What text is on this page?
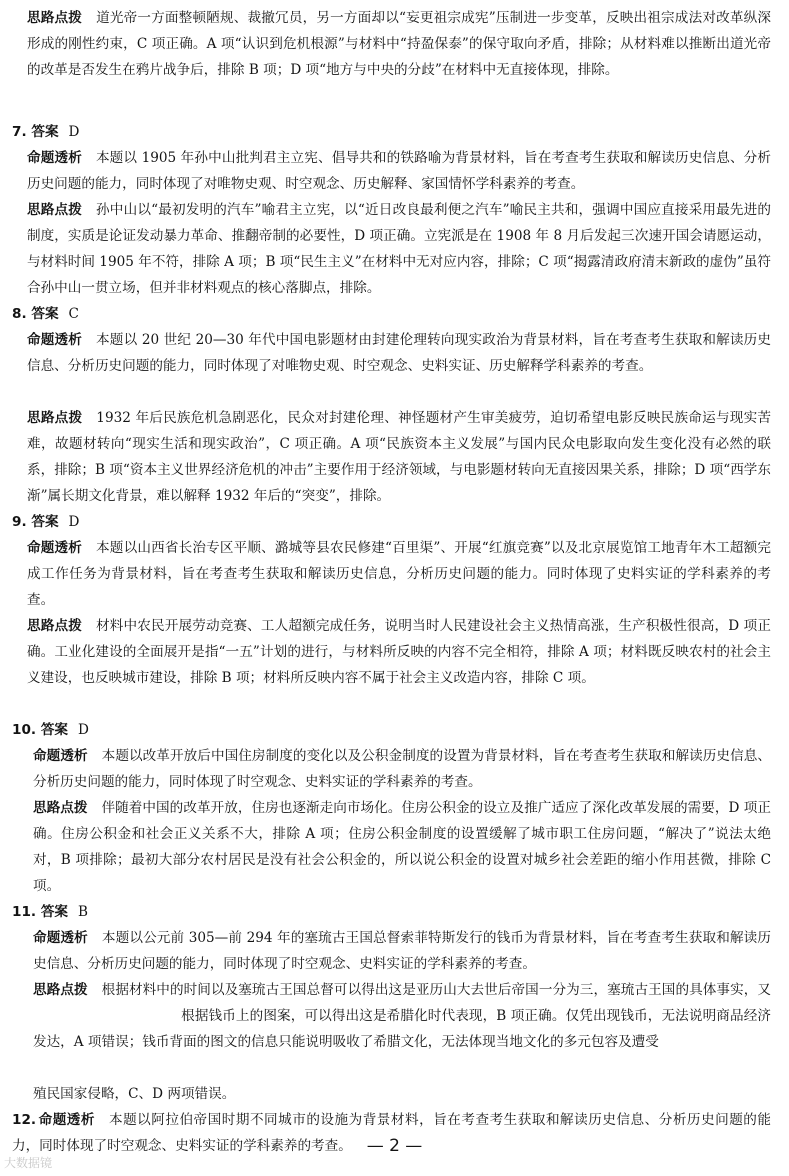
思路点拨 道光帝一方面整顿陋规、裁撤冗员，另一方面却以“妄更祖宗成宪”压制进一步变革，反映出祖宗成法对改革纵深形成的刚性约束，C 项正确。A 项“认识到危机根源”与材料中“持盈保泰”的保守取向矛盾，排除；从材料难以推断出道光帝的改革是否发生在鸦片战争后，排除 B 项；D 项“地方与中央的分歧”在材料中无直接体现，排除。
7. 答案 D
命题透析 本题以 1905 年孙中山批判君主立宪、倡导共和的铁路喻为背景材料，旨在考查考生获取和解读历史信息、分析历史问题的能力，同时体现了对唯物史观、时空观念、历史解释、家国情怀学科素养的考查。
思路点拨 孙中山以“最初发明的汽车”喻君主立宪，以“近日改良最利便之汽车”喻民主共和，强调中国应直接采用最先进的制度，实质是论证发动暴力革命、推翻帝制的必要性，D 项正确。立宪派是在 1908 年 8 月后发起三次速开国会请愿运动，与材料时间 1905 年不符，排除 A 项；B 项“民生主义”在材料中无对应内容，排除；C 项“揭露清政府清末新政的虚伪”虽符合孙中山一贯立场，但并非材料观点的核心落脚点，排除。
8. 答案 C
命题透析 本题以 20 世纪 20—30 年代中国电影题材由封建伦理转向现实政治为背景材料，旨在考查考生获取和解读历史信息、分析历史问题的能力，同时体现了对唯物史观、时空观念、史料实证、历史解释学科素养的考查。
思路点拨 1932 年后民族危机急剧恶化，民众对封建伦理、神怪题材产生审美疲劳，迫切希望电影反映民族命运与现实苦难，故题材转向“现实生活和现实政治”，C 项正确。A 项“民族资本主义发展”与国内民众电影取向发生变化没有必然的联系，排除；B 项“资本主义世界经济危机的冲击”主要作用于经济领域，与电影题材转向无直接因果关系，排除；D 项“西学东渐”属长期文化背景，难以解释 1932 年后的“突变”，排除。
9. 答案 D
命题透析 本题以山西省长治专区平顺、潞城等县农民修建“百里渠”、开展“红旗竞赛”以及北京展览馆工地青年木工超额完成工作任务为背景材料，旨在考查考生获取和解读历史信息，分析历史问题的能力。同时体现了史料实证的学科素养的考查。
思路点拨 材料中农民开展劳动竞赛、工人超额完成任务，说明当时人民建设社会主义热情高涨，生产积极性很高，D 项正确。工业化建设的全面展开是指“一五”计划的进行，与材料所反映的内容不完全相符，排除 A 项；材料既反映农村的社会主义建设，也反映城市建设，排除 B 项；材料所反映内容不属于社会主义改造内容，排除 C 项。
10. 答案 D
命题透析 本题以改革开放后中国住房制度的变化以及公积金制度的设置为背景材料，旨在考查考生获取和解读历史信息、分析历史问题的能力，同时体现了时空观念、史料实证的学科素养的考查。
思路点拨 伴随着中国的改革开放，住房也逐渐走向市场化。住房公积金的设立及推广适应了深化改革发展的需要，D 项正确。住房公积金和社会正义关系不大，排除 A 项；住房公积金制度的设置缓解了城市职工住房问题，“解决了”说法太绝对，B 项排除；最初大部分农村居民是没有社会公积金的，所以说公积金的设置对城乡社会差距的缩小作用甚微，排除 C 项。
11. 答案 B
命题透析 本题以公元前 305—前 294 年的塞琉古王国总督索菲特斯发行的钱币为背景材料，旨在考查考生获取和解读历史信息、分析历史问题的能力，同时体现了时空观念、史料实证的学科素养的考查。
思路点拨 根据材料中的时间以及塞琉古王国总督可以得出这是亚历山大去世后帝国一分为三，塞琉古王国的具体事实，又根据钱币上的图案，可以得出这是希腊化时代表现，B 项正确。仅凭出现钱币，无法说明商品经济发达，A 项错误；钱币背面的图文的信息只能说明吸收了希腊文化，无法体现当地文化的多元包容及遭受
殖民国家侵略，C、D 两项错误。
12. 命题透析 本题以阿拉伯帝国时期不同城市的设施为背景材料，旨在考查考生获取和解读历史信息、分析历史问题的能力，同时体现了时空观念、史料实证的学科素养的考查。 — 2 —
大数据镜
